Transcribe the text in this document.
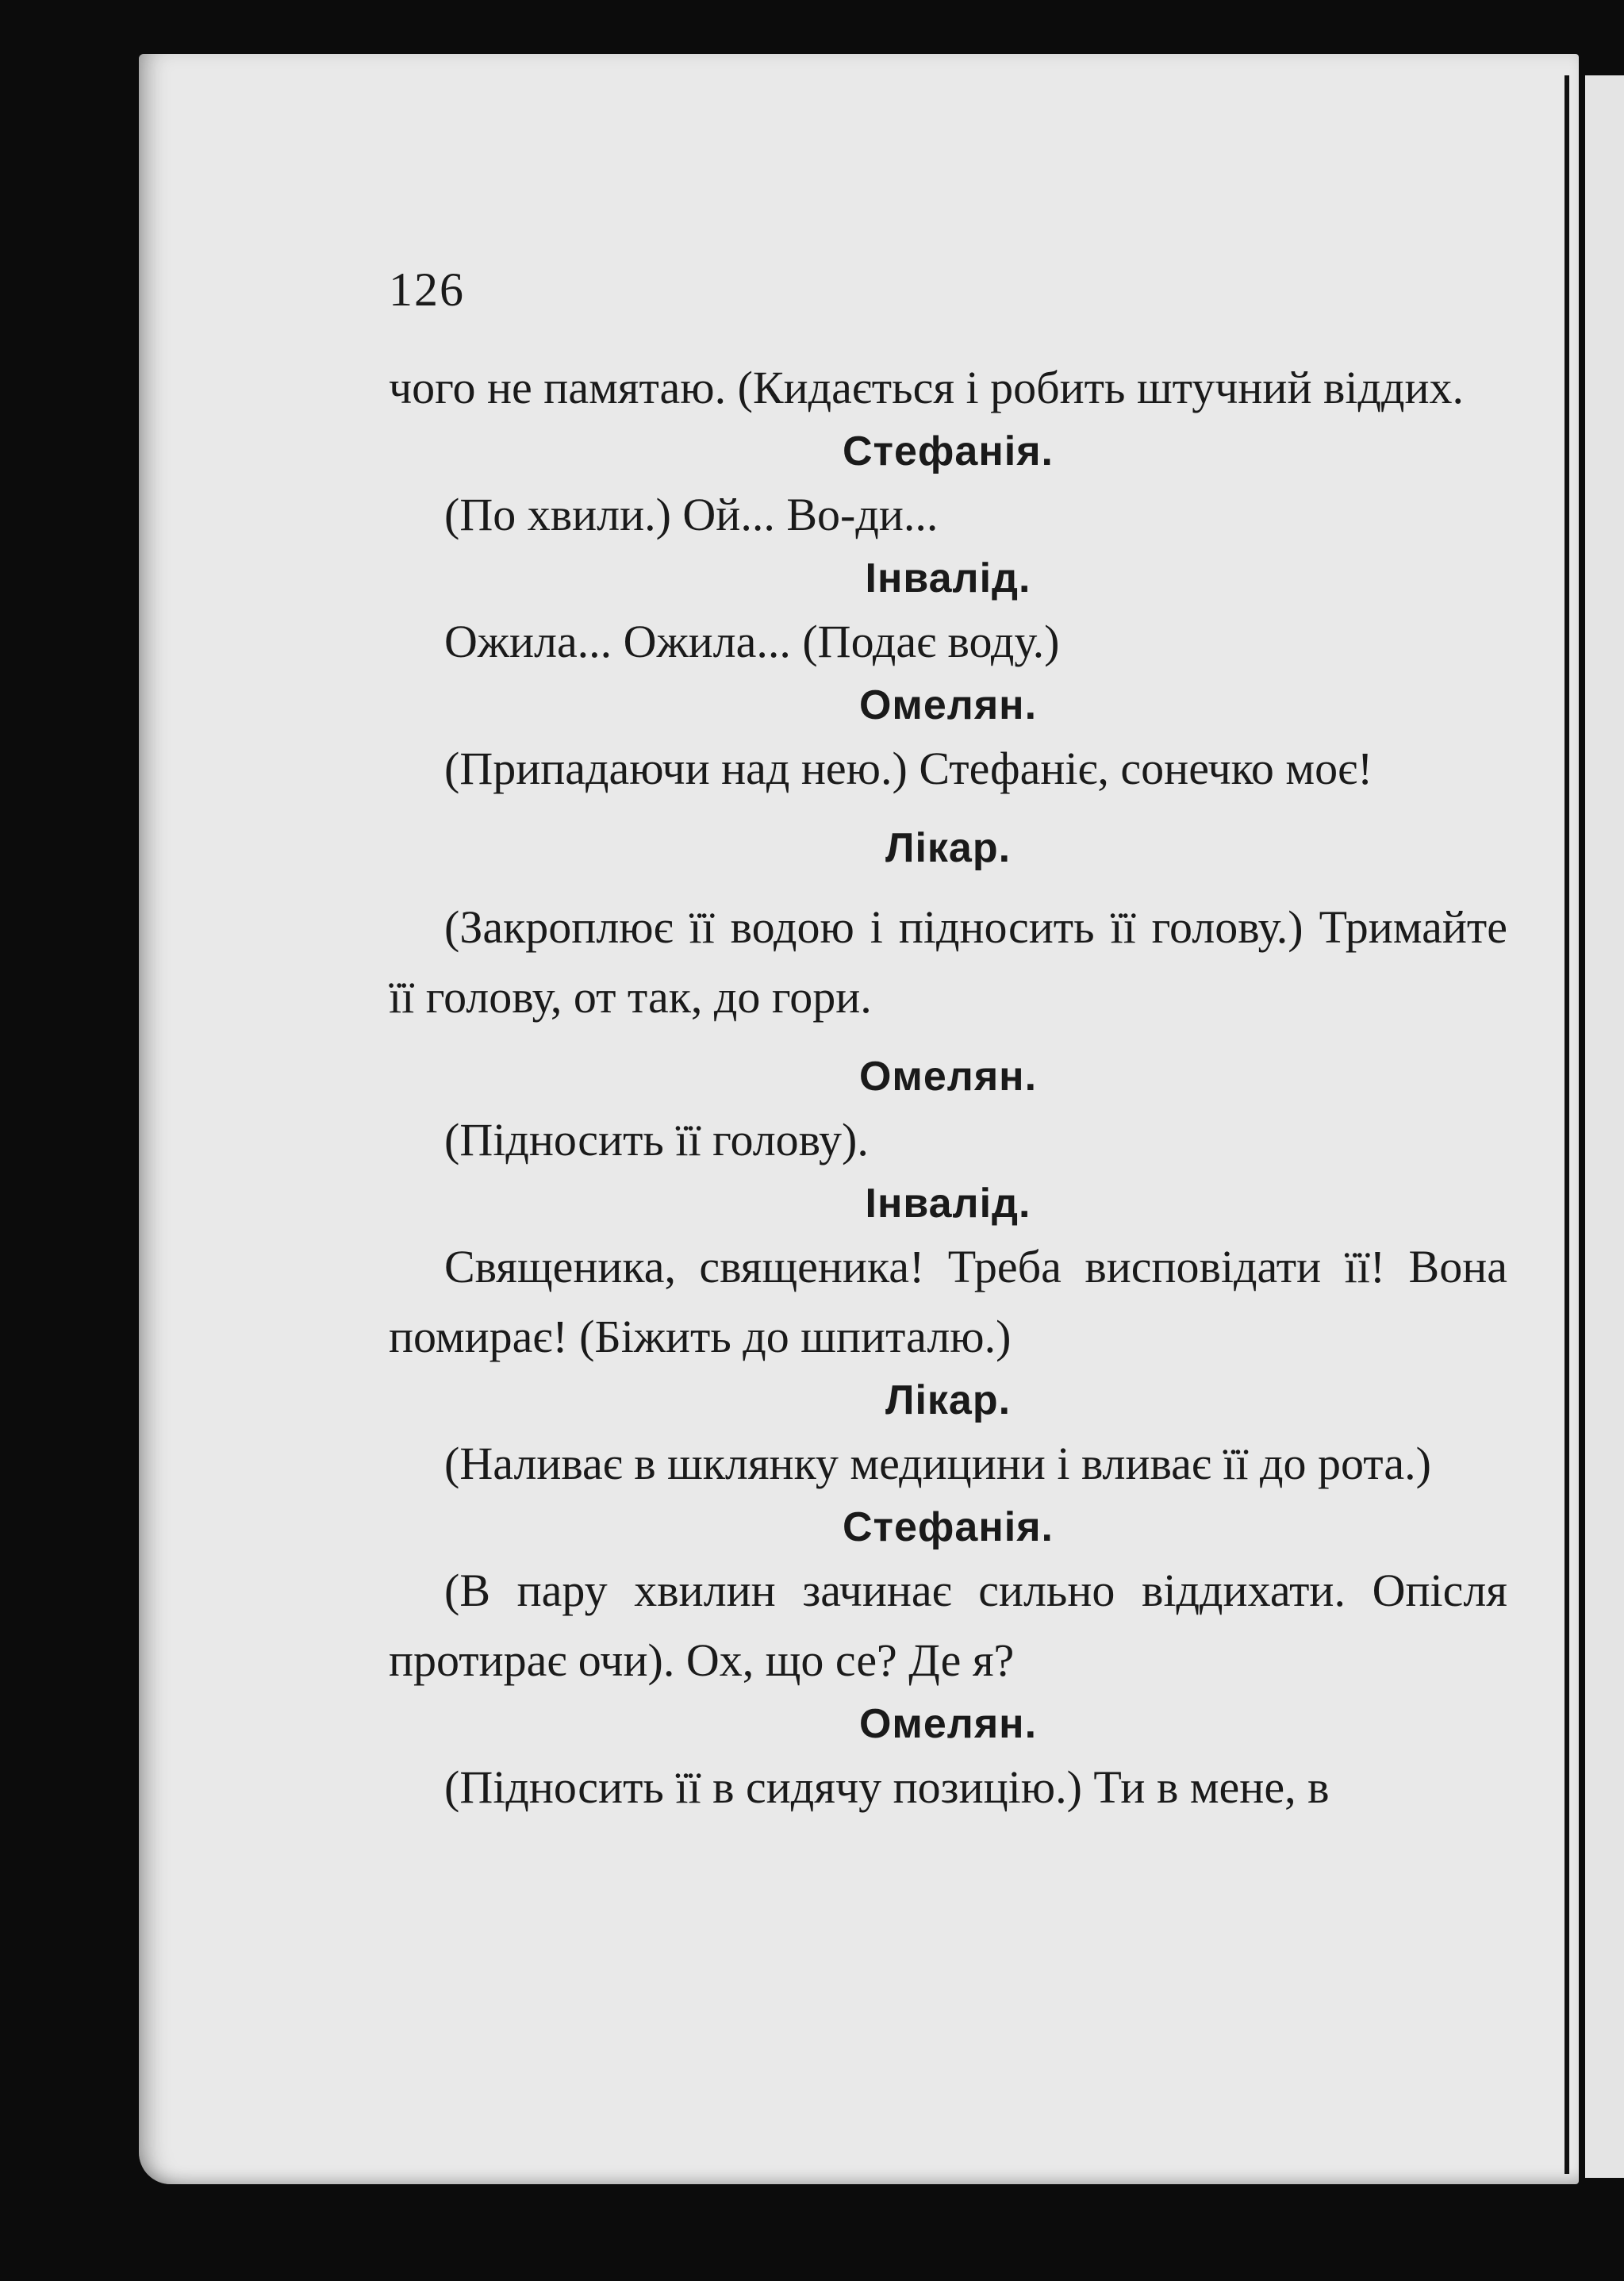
126

чого не памятаю. (Кидається і робить штучний віддих.

Стефанія.

(По хвили.) Ой... Во-ди...

Інвалід.

Ожила... Ожила... (Подає воду.)

Омелян.

(Припадаючи над нею.) Стефаніє, сонечко моє!

Лікар.

(Закроплює її водою і підносить її голову.) Тримайте її голову, от так, до гори.

Омелян.

(Підносить її голову).

Інвалід.

Священика, священика! Треба висповідати її! Вона помирає! (Біжить до шпиталю.)

Лікар.

(Наливає в шклянку медицини і вливає її до рота.)

Стефанія.

(В пару хвилин зачинає сильно віддихати. Опісля протирає очи). Ох, що се? Де я?

Омелян.

(Підносить її в сидячу позицію.) Ти в мене, в
